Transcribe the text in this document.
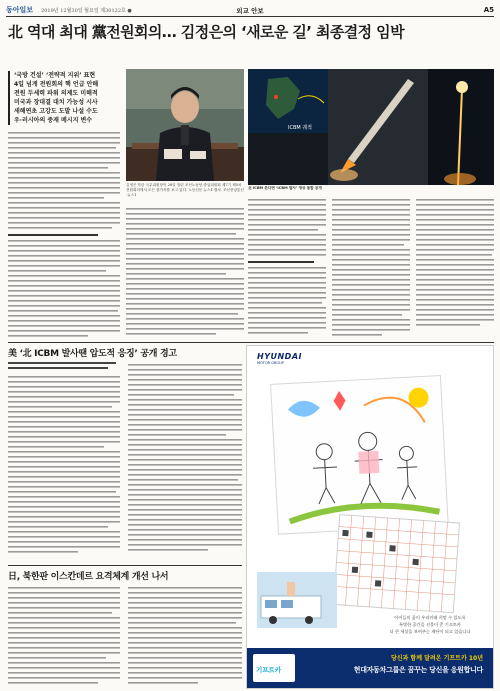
동아일보 2019년 12월30일 월요일 제30122호 ●	외교 안보	A5
北 역대 최대 黨전원회의… 김정은의 ‘새로운 길’ 최종결정 임박
‘국방 건설’ ‘전략적 지위’ 표현
4일 넘게 전원회의 핵 언급 안해
전원 두세력 파워 의제도 미해적
미국과 장대결 대치 가능성 시사
새해연초 고강도 도발 나설 수도
우·러시아의 중재 메시지 변수
김정은 북한 국무위원장이 28일 열린 조선노동당 중앙위원회 제7기 제5차 전원회의에서 모든 참가자를 보고 있다. 노동신문 뉴스1 캡처. 조선중앙통신·뉴스1
ICBM 궤적
北 ICBM 쏜다면 ‘ICBM 발사’ 영상 통합 공개
美 ‘北 ICBM 발사땐 압도적 응징’ 공개 경고
日, 북한판 이스칸데르 요격체계 개선 나서
HYUNDAI
MOTOR GROUP
아이들의 꿈이 우리미래 희망 수 있도록
특별한 공간을 선물이 준 기프트카
더 큰 세상을 보여주는 재단이 되고 있습니다
기프트카
당신과 함께 달려온 기프트카 10년
현대자동차그룹은 꿈꾸는 당신을 응원합니다
